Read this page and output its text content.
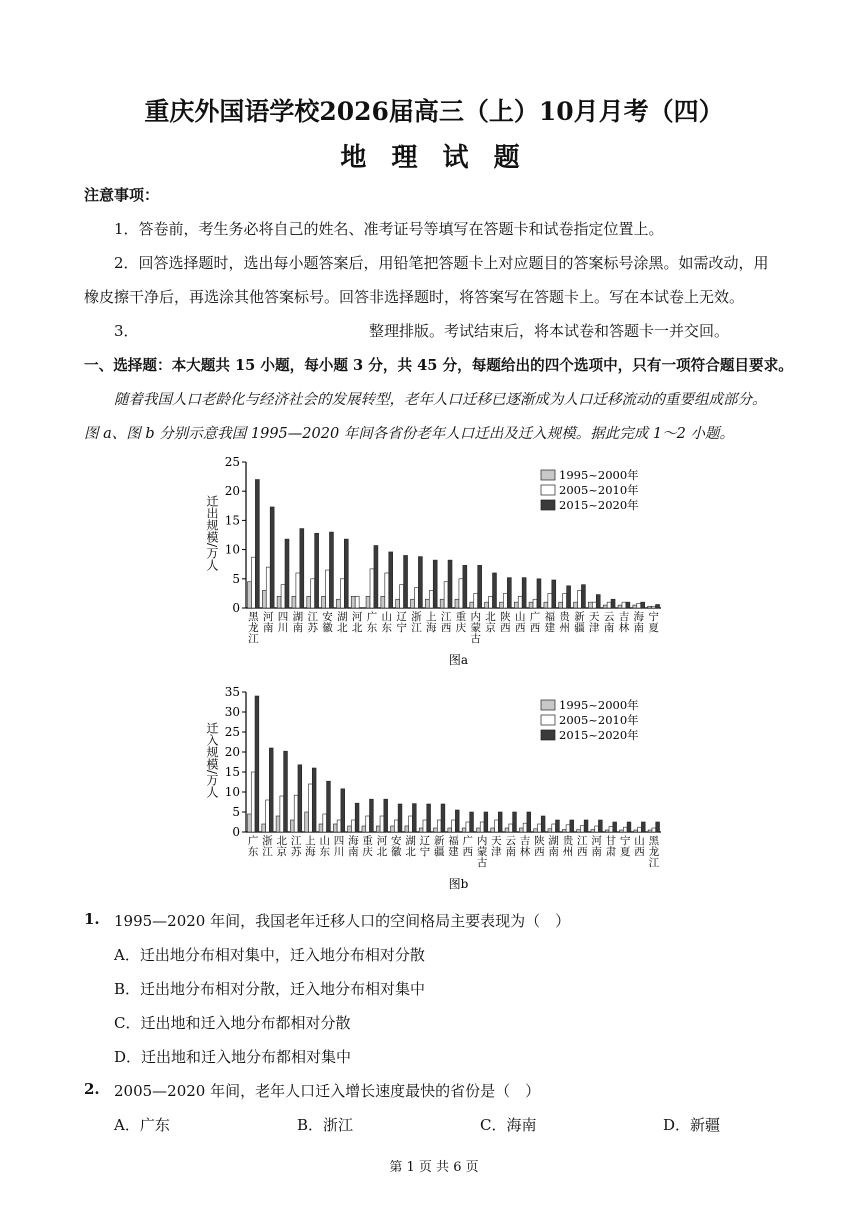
重庆外国语学校2026届高三（上）10月月考（四）
地 理 试 题
注意事项：
1．答卷前，考生务必将自己的姓名、准考证号等填写在答题卡和试卷指定位置上。
2．回答选择题时，选出每小题答案后，用铅笔把答题卡上对应题目的答案标号涂黑。如需改动，用
橡皮擦干净后，再选涂其他答案标号。回答非选择题时，将答案写在答题卡上。写在本试卷上无效。
3．	整理排版。考试结束后，将本试卷和答题卡一并交回。
一、选择题：本大题共 15 小题，每小题 3 分，共 45 分，每题给出的四个选项中，只有一项符合题目要求。
随着我国人口老龄化与经济社会的发展转型，老年人口迁移已逐渐成为人口迁移流动的重要组成部分。
图 a、图 b 分别示意我国 1995—2020 年间各省份老年人口迁出及迁入规模。据此完成 1～2 小题。
0
5
10
15
20
25
迁出规模/万人
黑
龙
江
河
南
四
川
湖
南
江
苏
安
徽
湖
北
河
北
广
东
山
东
辽
宁
浙
江
上
海
江
西
重
庆
内
蒙
古
北
京
陕
西
山
西
广
西
福
建
贵
州
新
疆
天
津
云
南
吉
林
海
南
宁
夏
1995~2000年
2005~2010年
2015~2020年
图a
0
5
10
15
20
25
30
35
迁入规模/万人
广
东
浙
江
北
京
江
苏
上
海
山
东
四
川
海
南
重
庆
河
北
安
徽
湖
北
辽
宁
新
疆
福
建
广
西
内
蒙
古
天
津
云
南
吉
林
陕
西
湖
南
贵
州
江
西
河
南
甘
肃
宁
夏
山
西
黑
龙
江
1995~2000年
2005~2010年
2015~2020年
图b
1. 1995—2020 年间，我国老年迁移人口的空间格局主要表现为（　）
A．迁出地分布相对集中，迁入地分布相对分散
B．迁出地分布相对分散，迁入地分布相对集中
C．迁出地和迁入地分布都相对分散
D．迁出地和迁入地分布都相对集中
2. 2005—2020 年间，老年人口迁入增长速度最快的省份是（　）
A．广东	B．浙江	C．海南	D．新疆
第 1 页 共 6 页
